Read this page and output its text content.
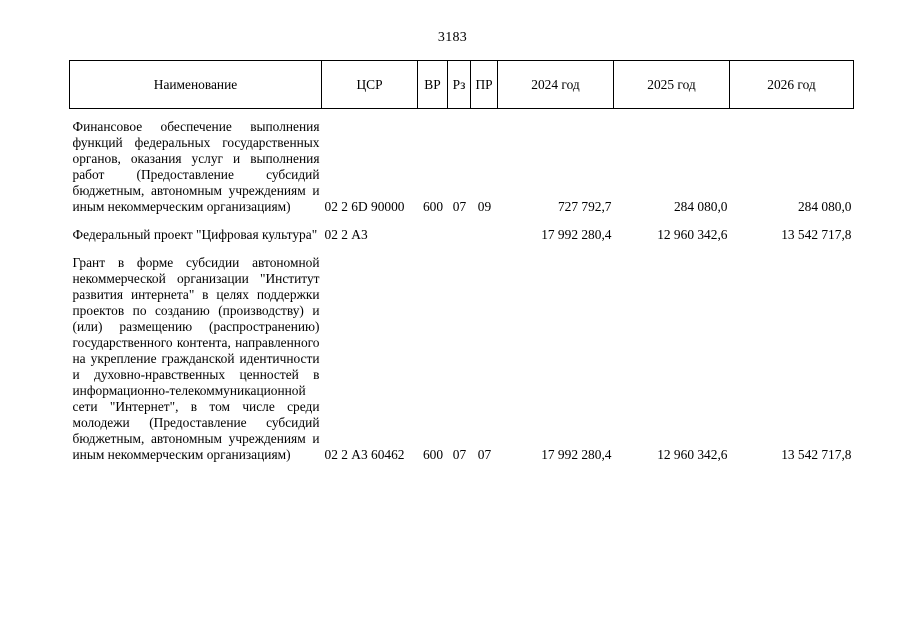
3183
Наименование	ЦСР	ВР	Рз	ПР	2024 год	2025 год	2026 год
Финансовое обеспечение выполнения функций федеральных государственных органов, оказания услуг и выполнения работ (Предоставление субсидий бюджетным, автономным учреждениям и иным некоммерческим организациям)	02 2 6D 90000	600	07	09	727 792,7	284 080,0	284 080,0
Федеральный проект "Цифровая культура"	02 2 А3				17 992 280,4	12 960 342,6	13 542 717,8
Грант в форме субсидии автономной некоммерческой организации "Институт развития интернета" в целях поддержки проектов по созданию (производству) и (или) размещению (распространению) государственного контента, направленного на укрепление гражданской идентичности и духовно-нравственных ценностей в информационно-телекоммуникационной сети "Интернет", в том числе среди молодежи (Предоставление субсидий бюджетным, автономным учреждениям и иным некоммерческим организациям)	02 2 А3 60462	600	07	07	17 992 280,4	12 960 342,6	13 542 717,8
